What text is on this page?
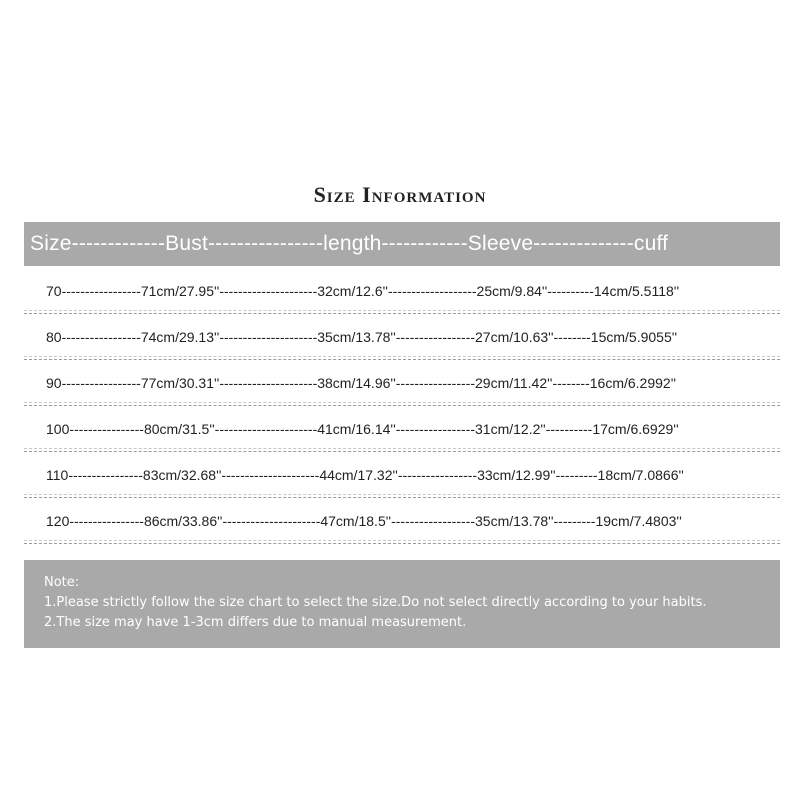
Size Information
Size-------------Bust----------------length------------Sleeve--------------cuff
70-----------------71cm/27.95''---------------------32cm/12.6''-------------------25cm/9.84''----------14cm/5.5118''
80-----------------74cm/29.13''---------------------35cm/13.78''-----------------27cm/10.63''--------15cm/5.9055''
90-----------------77cm/30.31''---------------------38cm/14.96''-----------------29cm/11.42''--------16cm/6.2992''
100----------------80cm/31.5''----------------------41cm/16.14''-----------------31cm/12.2''----------17cm/6.6929''
110----------------83cm/32.68''---------------------44cm/17.32''-----------------33cm/12.99''---------18cm/7.0866''
120----------------86cm/33.86''---------------------47cm/18.5''------------------35cm/13.78''---------19cm/7.4803''
Note:
1.Please strictly follow the size chart to select the size.Do not select directly according to your habits.
2.The size may have 1-3cm differs due to manual measurement.
